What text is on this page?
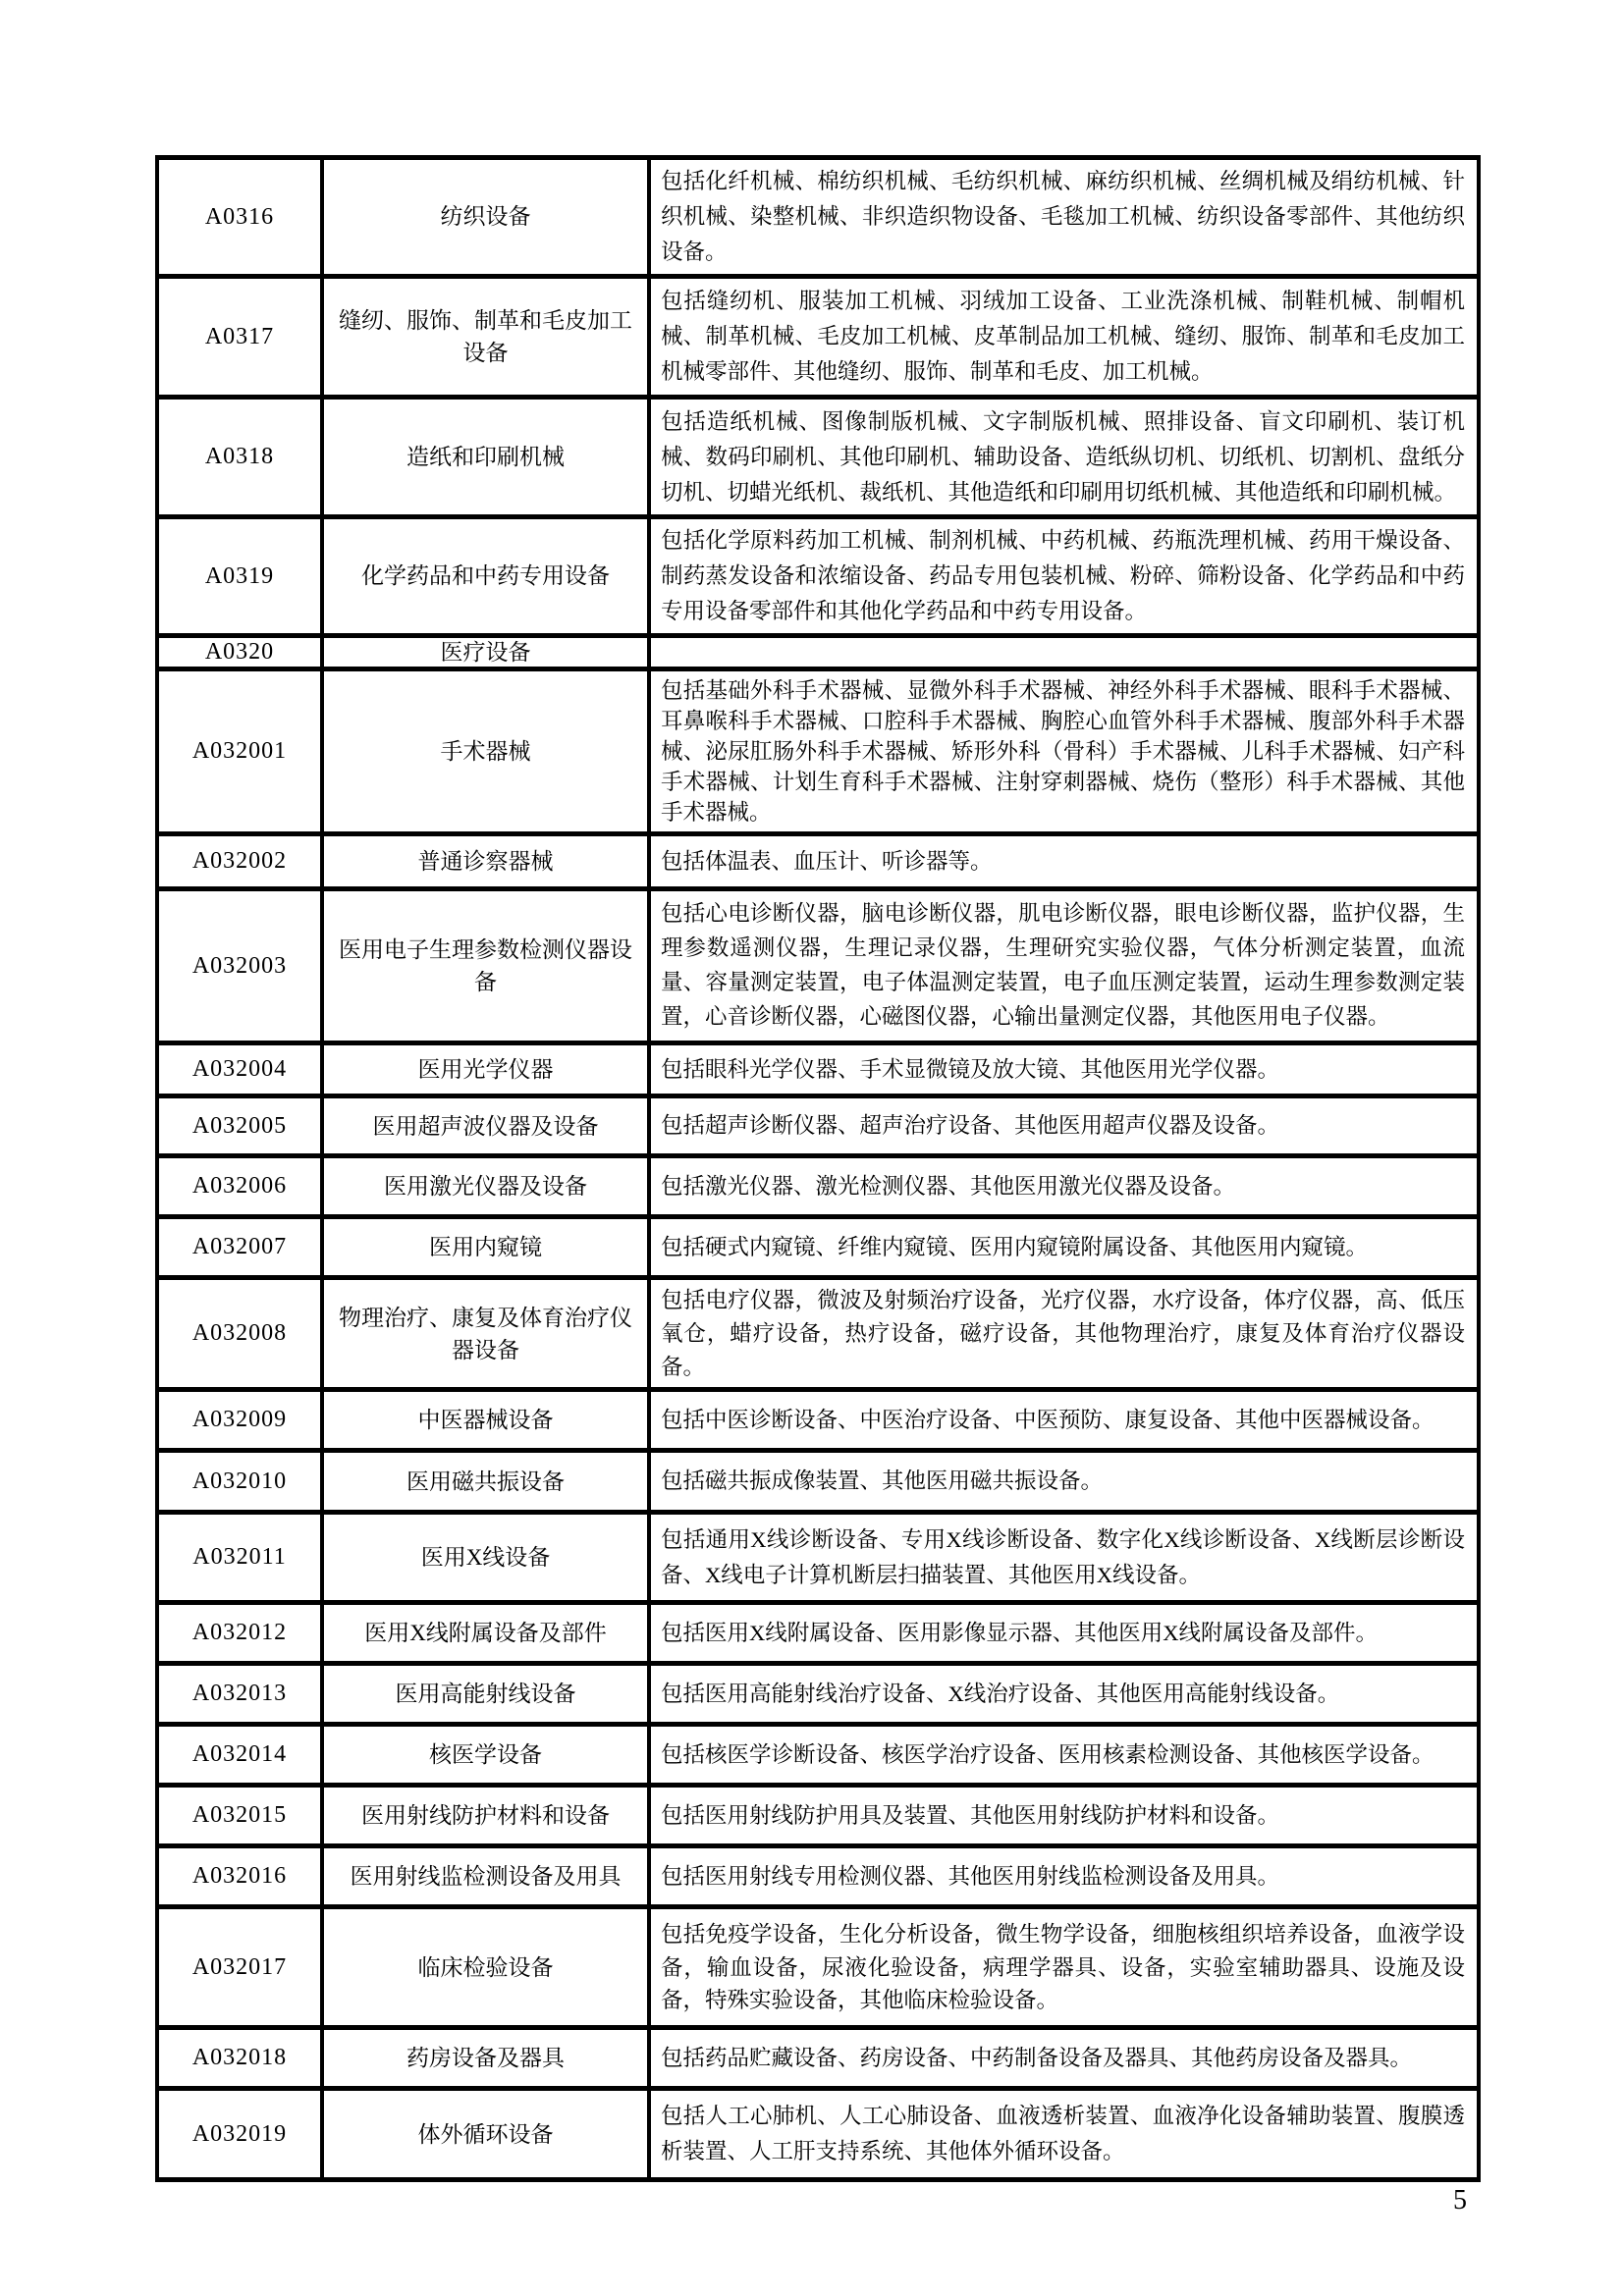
A0316	纺织设备	包括化纤机械、棉纺织机械、毛纺织机械、麻纺织机械、丝绸机械及绢纺机械、针织机械、染整机械、非织造织物设备、毛毯加工机械、纺织设备零部件、其他纺织设备。
A0317	缝纫、服饰、制革和毛皮加工设备	包括缝纫机、服装加工机械、羽绒加工设备、工业洗涤机械、制鞋机械、制帽机械、制革机械、毛皮加工机械、皮革制品加工机械、缝纫、服饰、制革和毛皮加工机械零部件、其他缝纫、服饰、制革和毛皮、加工机械。
A0318	造纸和印刷机械	包括造纸机械、图像制版机械、文字制版机械、照排设备、盲文印刷机、装订机械、数码印刷机、其他印刷机、辅助设备、造纸纵切机、切纸机、切割机、盘纸分切机、切蜡光纸机、裁纸机、其他造纸和印刷用切纸机械、其他造纸和印刷机械。
A0319	化学药品和中药专用设备	包括化学原料药加工机械、制剂机械、中药机械、药瓶洗理机械、药用干燥设备、制药蒸发设备和浓缩设备、药品专用包装机械、粉碎、筛粉设备、化学药品和中药专用设备零部件和其他化学药品和中药专用设备。
A0320	医疗设备	
A032001	手术器械	包括基础外科手术器械、显微外科手术器械、神经外科手术器械、眼科手术器械、耳鼻喉科手术器械、口腔科手术器械、胸腔心血管外科手术器械、腹部外科手术器械、泌尿肛肠外科手术器械、矫形外科（骨科）手术器械、儿科手术器械、妇产科手术器械、计划生育科手术器械、注射穿刺器械、烧伤（整形）科手术器械、其他手术器械。
A032002	普通诊察器械	包括体温表、血压计、听诊器等。
A032003	医用电子生理参数检测仪器设备	包括心电诊断仪器，脑电诊断仪器，肌电诊断仪器，眼电诊断仪器，监护仪器，生理参数遥测仪器，生理记录仪器，生理研究实验仪器，气体分析测定装置，血流量、容量测定装置，电子体温测定装置，电子血压测定装置，运动生理参数测定装置，心音诊断仪器，心磁图仪器，心输出量测定仪器，其他医用电子仪器。
A032004	医用光学仪器	包括眼科光学仪器、手术显微镜及放大镜、其他医用光学仪器。
A032005	医用超声波仪器及设备	包括超声诊断仪器、超声治疗设备、其他医用超声仪器及设备。
A032006	医用激光仪器及设备	包括激光仪器、激光检测仪器、其他医用激光仪器及设备。
A032007	医用内窥镜	包括硬式内窥镜、纤维内窥镜、医用内窥镜附属设备、其他医用内窥镜。
A032008	物理治疗、康复及体育治疗仪器设备	包括电疗仪器，微波及射频治疗设备，光疗仪器，水疗设备，体疗仪器，高、低压氧仓，蜡疗设备，热疗设备，磁疗设备，其他物理治疗，康复及体育治疗仪器设备。
A032009	中医器械设备	包括中医诊断设备、中医治疗设备、中医预防、康复设备、其他中医器械设备。
A032010	医用磁共振设备	包括磁共振成像装置、其他医用磁共振设备。
A032011	医用X线设备	包括通用X线诊断设备、专用X线诊断设备、数字化X线诊断设备、X线断层诊断设备、X线电子计算机断层扫描装置、其他医用X线设备。
A032012	医用X线附属设备及部件	包括医用X线附属设备、医用影像显示器、其他医用X线附属设备及部件。
A032013	医用高能射线设备	包括医用高能射线治疗设备、X线治疗设备、其他医用高能射线设备。
A032014	核医学设备	包括核医学诊断设备、核医学治疗设备、医用核素检测设备、其他核医学设备。
A032015	医用射线防护材料和设备	包括医用射线防护用具及装置、其他医用射线防护材料和设备。
A032016	医用射线监检测设备及用具	包括医用射线专用检测仪器、其他医用射线监检测设备及用具。
A032017	临床检验设备	包括免疫学设备，生化分析设备，微生物学设备，细胞核组织培养设备，血液学设备，输血设备，尿液化验设备，病理学器具、设备，实验室辅助器具、设施及设备，特殊实验设备，其他临床检验设备。
A032018	药房设备及器具	包括药品贮藏设备、药房设备、中药制备设备及器具、其他药房设备及器具。
A032019	体外循环设备	包括人工心肺机、人工心肺设备、血液透析装置、血液净化设备辅助装置、腹膜透析装置、人工肝支持系统、其他体外循环设备。
5
